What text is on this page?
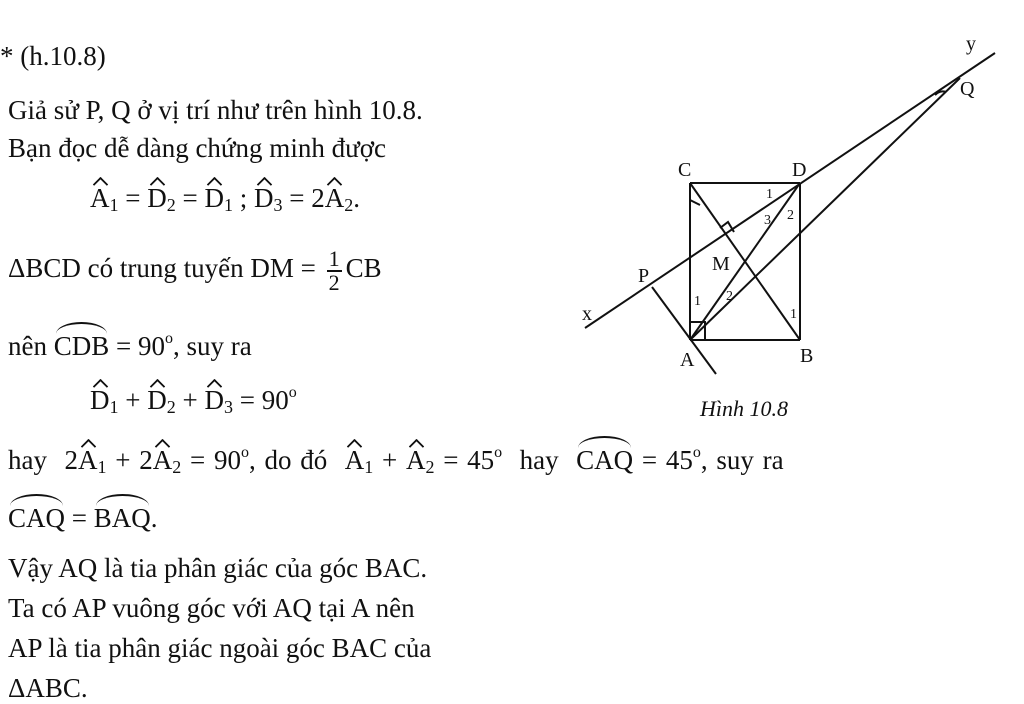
* (h.10.8)
Giả sử P, Q ở vị trí như trên hình 10.8.
Bạn đọc dễ dàng chứng minh được
A1 = D2 = D1 ; D3 = 2A2.
ΔBCD có trung tuyến DM = $\frac{1}{2}$ CB
nên CDB = $90^o$, suy ra
$D1 + D2 + D3 = 90^o$
hay $2A1 + 2A2 = 90^o$, do đó $A1 + A2 = 45^o$ hay CAQ = $45^o$, suy ra
CAQ = BAQ.
Vậy AQ là tia phân giác của góc BAC.
Ta có AP vuông góc với AQ tại A nên
AP là tia phân giác ngoài góc BAC của
ΔABC.
C	D
M
P
x
A	B
y
Q
1
2
3
1 2
1
Hình 10.8
